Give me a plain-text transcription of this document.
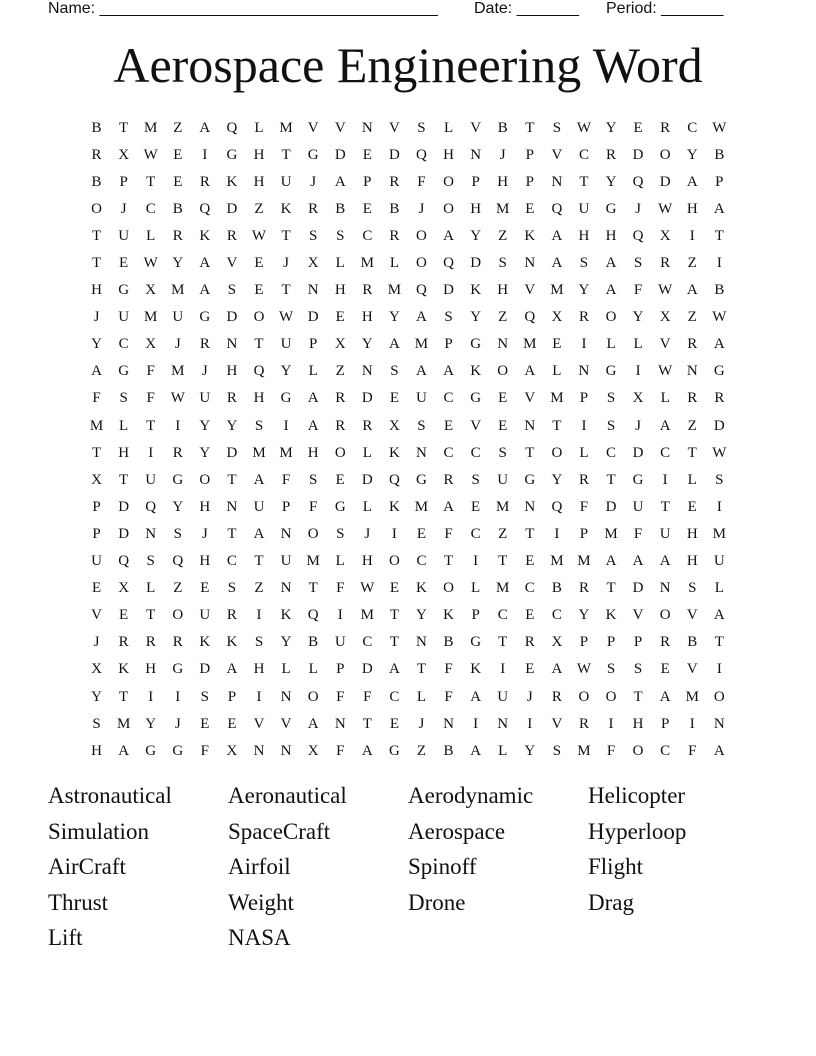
Name: ______________________________________ Date: _______ Period: _______
Aerospace Engineering Word
B	T	M	Z	A	Q	L	M V	V	N	V	S	L	V	B	T	S	W Y	E	R	C W
R	X W	E	I	G	H	T	G	D	E	D	Q	H	N	J	P	V	C	R	D	O	Y	B
B	P	T	E	R	K	H	U	J	A	P	R	F	O	P	H	P	N	T	Y	Q	D	A	P
O	J	C	B	Q	D	Z	K	R	B	E	B	J	O	H M	E	Q	U	G	J	W H	A
T	U	L	R	K	R W	T	S	S	C	R	O	A	Y	Z	K	A	H	H	Q	X	I	T
T	E	W Y	A	V	E	J	X	L	M	L	O	Q	D	S	N	A	S	A	S	R	Z	I
H	G	X M A	S	E	T	N	H	R	M Q	D	K	H	V M Y	A	F	W A	B
J	U M U	G	D	O W D	E	H	Y	A	S	Y	Z	Q	X	R	O	Y	X	Z	W
Y	C	X	J	R	N	T	U	P	X	Y	A M	P	G	N M	E	I	L	L	V	R	A
A	G	F	M	J	H	Q	Y	L	Z	N	S	A	A	K	O	A	L	N	G	I	W N	G
F	S	F	W U	R	H	G	A	R	D	E	U	C	G	E	V M	P	S	X	L	R	R
M	L	T	I	Y	Y	S	I	A	R	R	X	S	E	V	E	N	T	I	S	J	A	Z	D
T	H	I	R	Y	D M M H	O	L	K	N	C	C	S	T	O	L	C	D	C	T	W
X	T	U	G	O	T	A	F	S	E	D	Q	G	R	S	U	G	Y	R	T	G	I	L	S
P	D	Q	Y	H	N	U	P	F	G	L	K M A	E	M N	Q	F	D	U	T	E	I
P	D	N	S	J	T	A	N	O	S	J	I	E	F	C	Z	T	I	P	M	F	U	H M
U	Q	S	Q	H	C	T	U M	L	H	O	C	T	I	T	E	M M A	A	A	H	U
E	X	L	Z	E	S	Z	N	T	F	W	E	K	O	L	M	C	B	R	T	D	N	S	L
V	E	T	O	U	R	I	K	Q	I	M	T	Y	K	P	C	E	C	Y	K	V	O	V	A
J	R	R	R	K	K	S	Y	B	U	C	T	N	B	G	T	R	X	P	P	P	R	B	T
X	K	H	G	D	A	H	L	L	P	D	A	T	F	K	I	E	A W	S	S	E	V	I
Y	T	I	I	S	P	I	N	O	F	F	C	L	F	A	U	J	R	O	O	T	A M O
S	M Y	J	E	E	V	V	A	N	T	E	J	N	I	N	I	V	R	I	H	P	I	N
H	A	G	G	F	X	N	N	X	F	A	G	Z	B	A	L	Y	S	M	F	O	C	F	A
Astronautical	Aeronautical	Aerodynamic	Helicopter
Simulation	SpaceCraft	Aerospace	Hyperloop
AirCraft	Airfoil	Spinoff	Flight
Thrust	Weight	Drone	Drag
Lift	NASA
